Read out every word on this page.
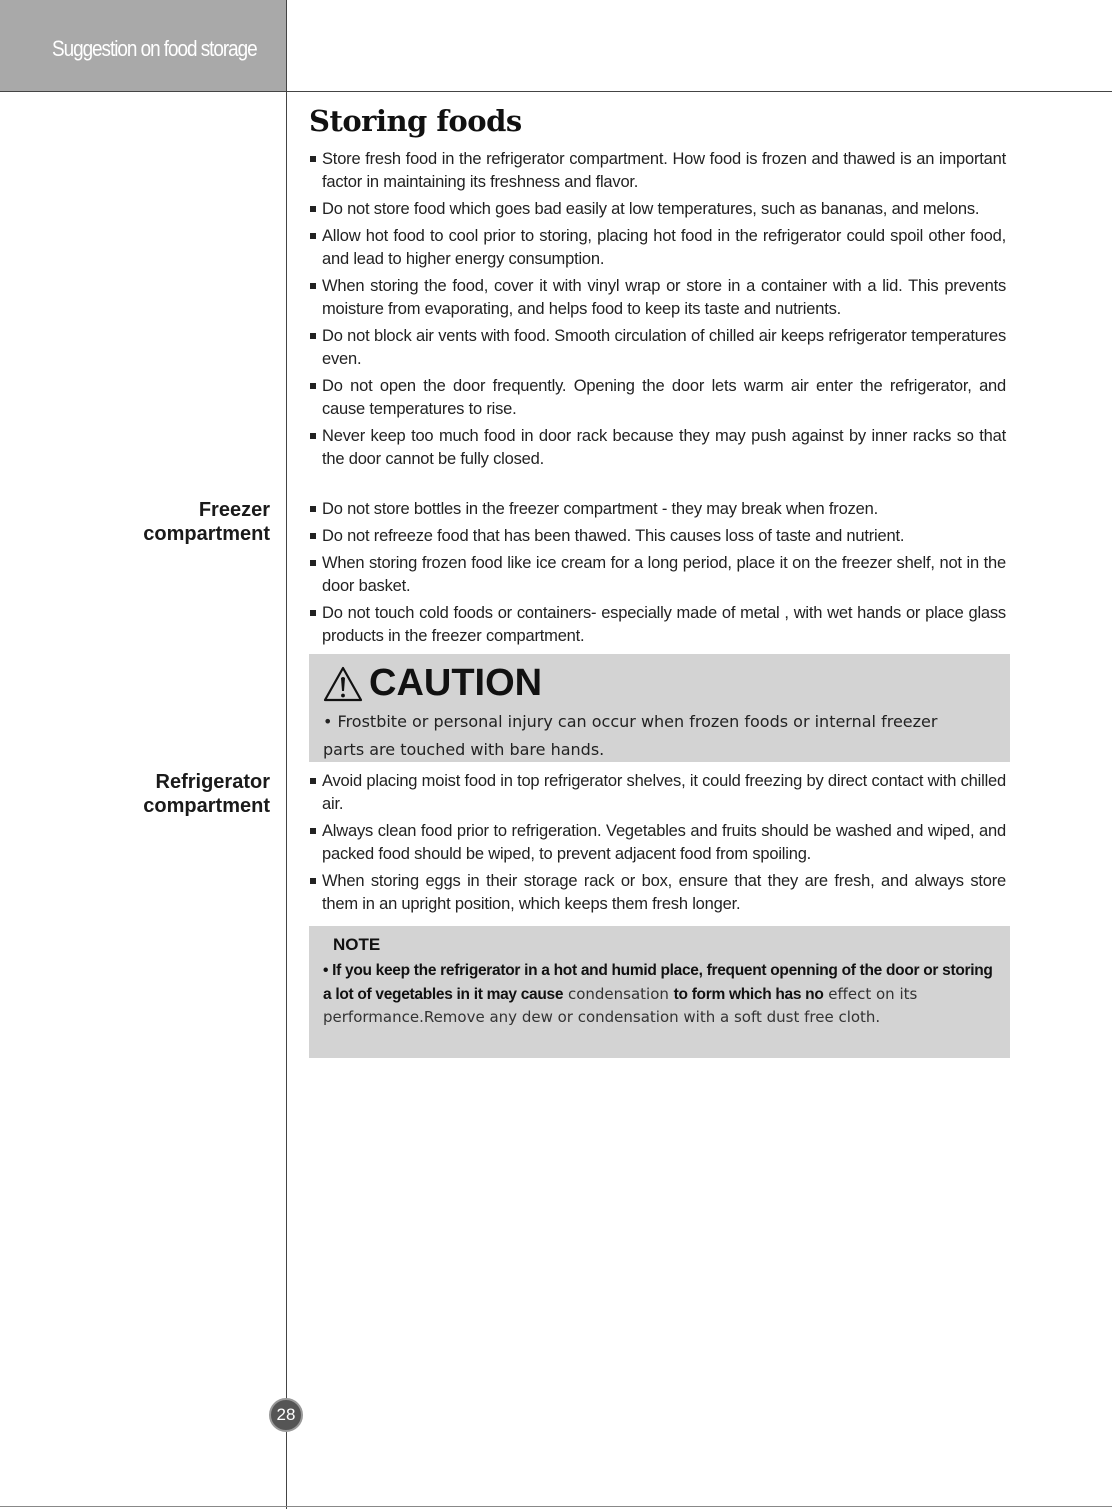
Suggestion on food storage
Storing foods
Store fresh food in the refrigerator compartment. How food is frozen and thawed is an important factor in maintaining its freshness and flavor.
Do not store food which goes bad easily at low temperatures, such as bananas, and melons.
Allow hot food to cool prior to storing, placing hot food in the refrigerator could spoil other food, and lead to higher energy consumption.
When storing the food, cover it with vinyl wrap or store in a container with a lid. This prevents moisture from evaporating, and helps food to keep its taste and nutrients.
Do not block air vents with food. Smooth circulation of chilled air keeps refrigerator temperatures even.
Do not open the door frequently. Opening the door lets warm air enter the refrigerator, and cause temperatures to rise.
Never keep too much food in door rack because they may push against by inner racks so that the door cannot be fully closed.
Freezer
compartment
Do not store bottles in the freezer compartment - they may break when frozen.
Do not refreeze food that has been thawed. This causes loss of taste and nutrient.
When storing frozen food like ice cream for a long period, place it on the freezer shelf, not in the door basket.
Do not touch cold foods or containers- especially made of metal , with wet hands or place glass products in the freezer compartment.
CAUTION
• Frostbite or personal injury can occur when frozen foods or internal freezer parts are touched with bare hands.
Refrigerator
compartment
Avoid placing moist food in top refrigerator shelves, it could freezing by direct contact with chilled air.
Always clean food prior to refrigeration. Vegetables and fruits should be washed and wiped, and packed food should be wiped, to prevent adjacent food from spoiling.
When storing eggs in their storage rack or box, ensure that they are fresh, and always store them in an upright position, which keeps them fresh longer.
NOTE
• If you keep the refrigerator in a hot and humid place, frequent openning of the door or storing a lot of vegetables in it may cause condensation to form which has no effect on its performance.Remove any dew or condensation with a soft dust free cloth.
28
